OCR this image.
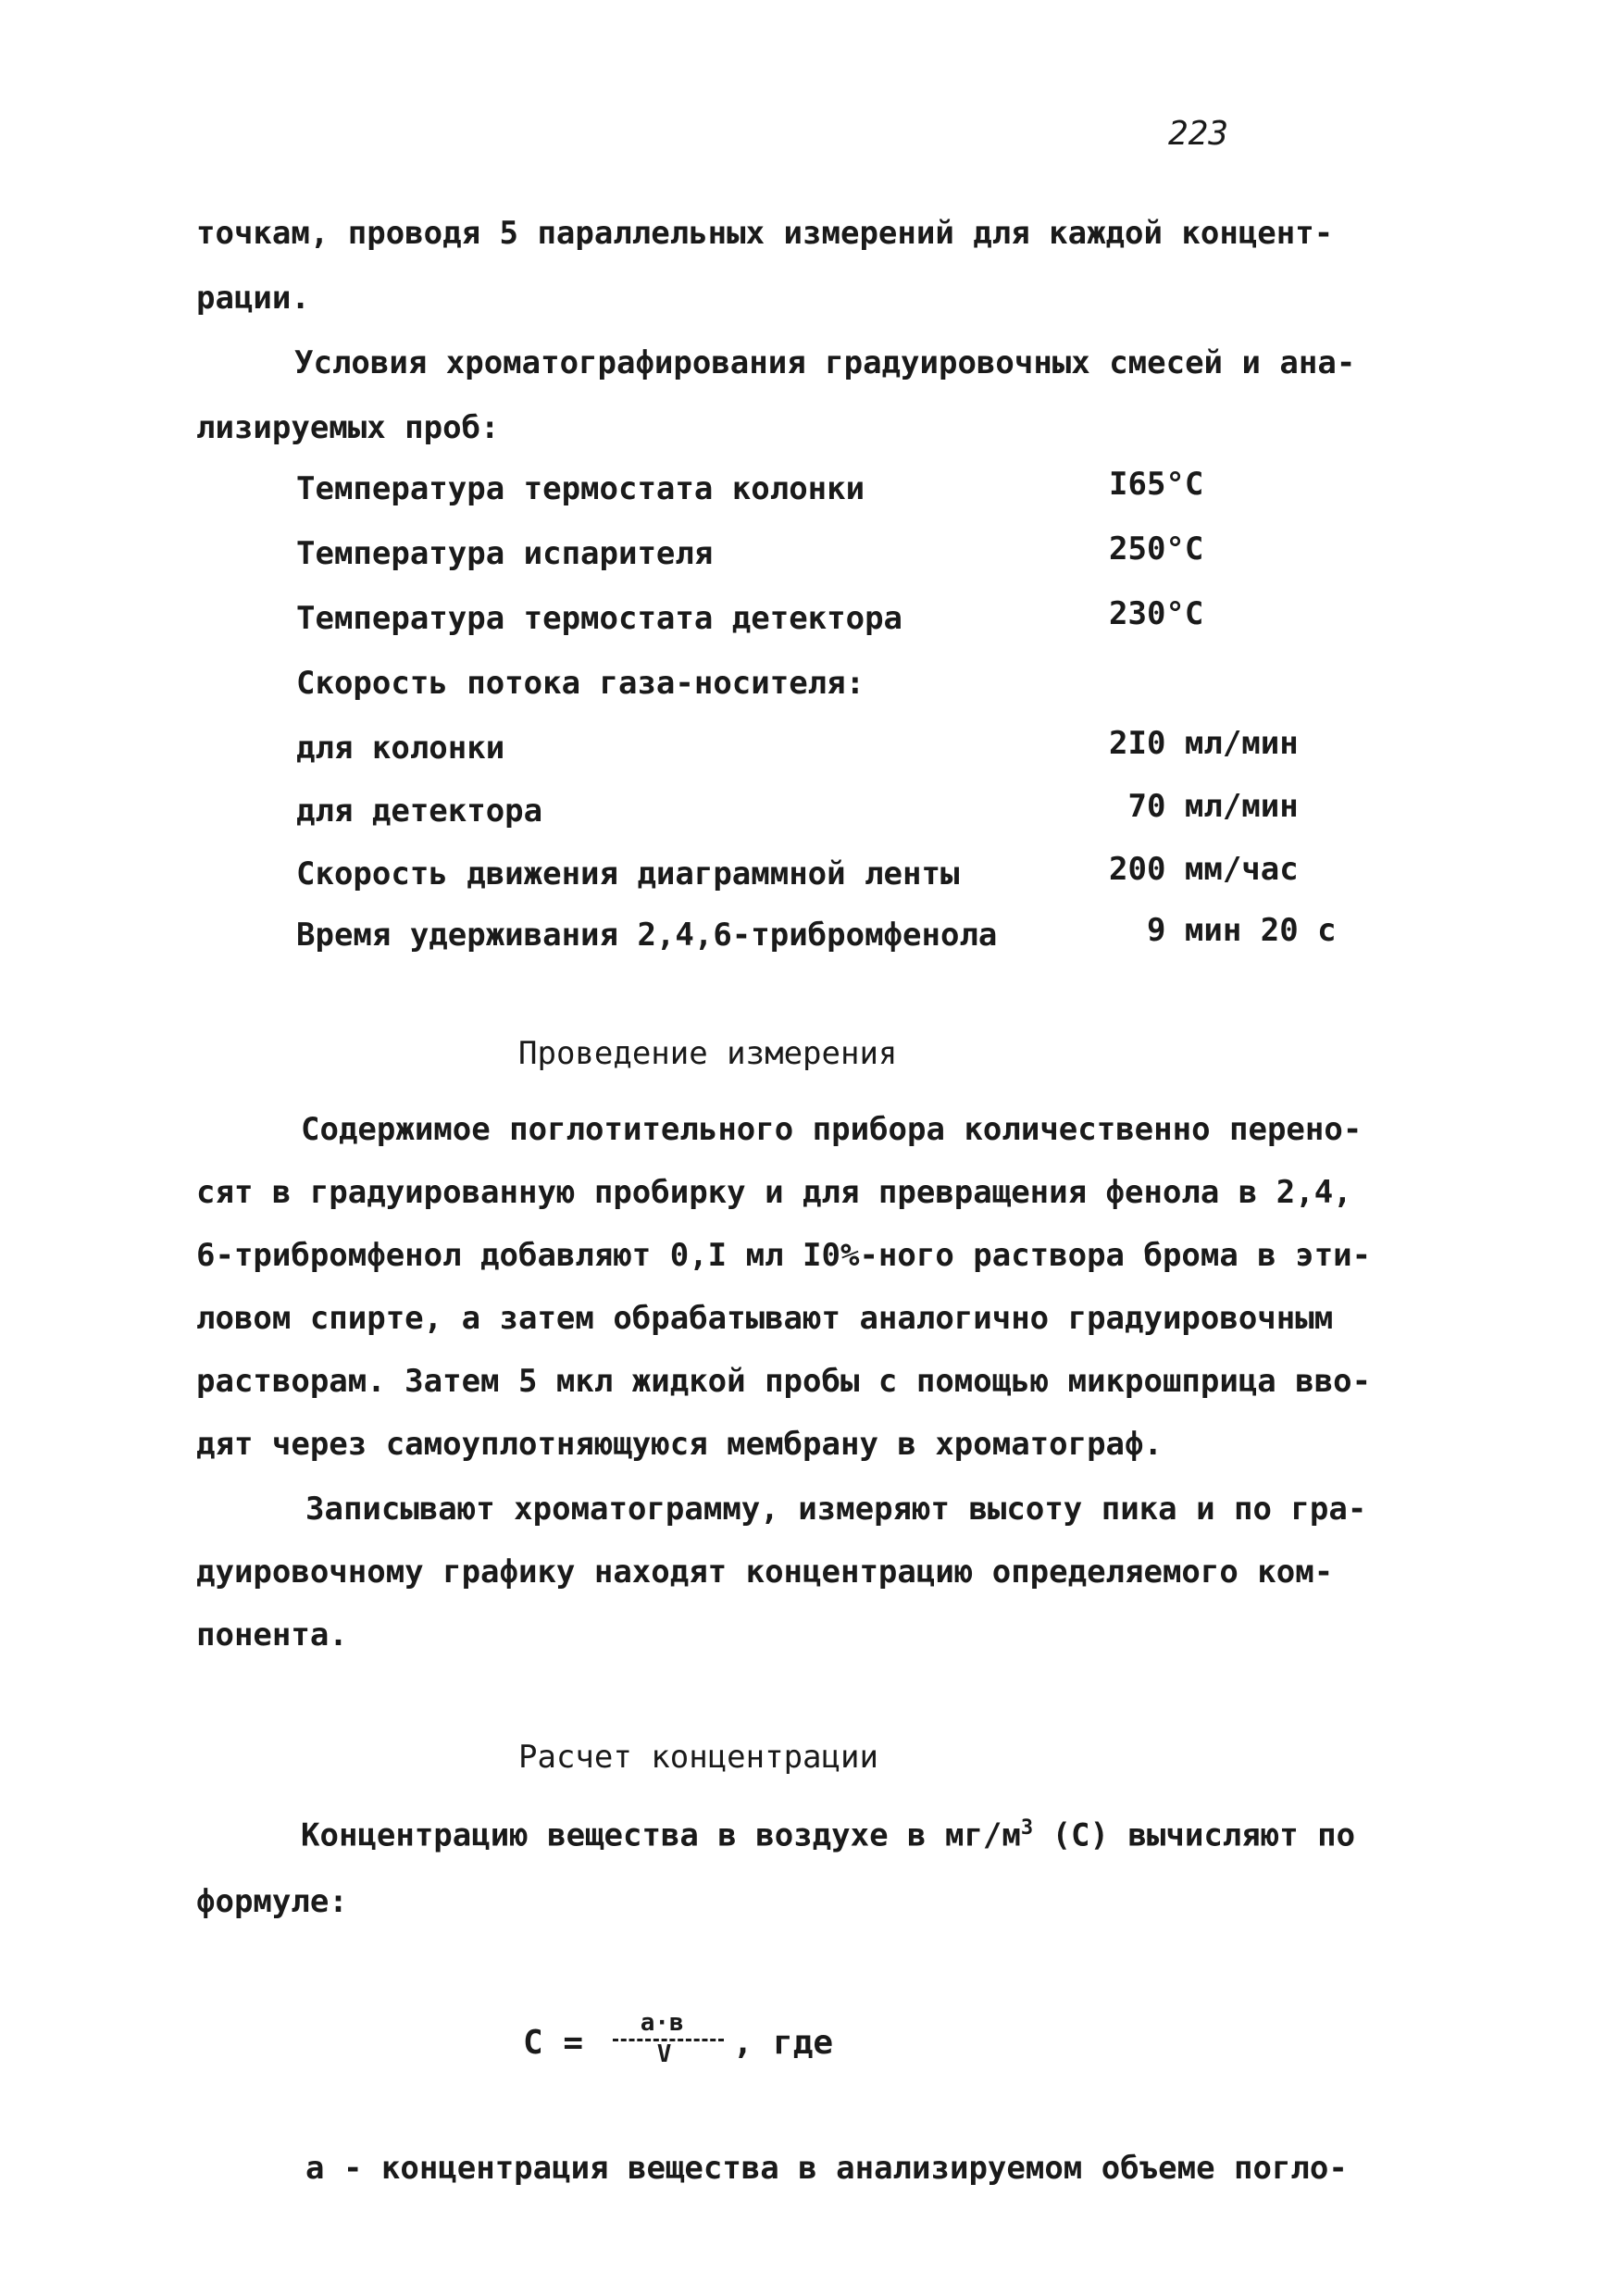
223
точкам, проводя 5 параллельных измерений для каждой концент-
рации.
Условия хроматографирования градуировочных смесей и ана-
лизируемых проб:
Температура термостата колонки	I65°C
Температура испарителя	250°C
Температура термостата детектора	230°C
Скорость потока газа-носителя:
для колонки	2I0 мл/мин
для детектора	70 мл/мин
Скорость движения диаграммной ленты	200 мм/час
Время удерживания 2,4,6-трибромфенола	9 мин 20 с
Проведение измерения
Содержимое поглотительного прибора количественно перено-
сят в градуированную пробирку и для превращения фенола в 2,4,
6-трибромфенол добавляют 0,I мл I0%-ного раствора брома в эти-
ловом спирте, а затем обрабатывают аналогично градуировочным
растворам. Затем 5 мкл жидкой пробы с помощью микрошприца вво-
дят через самоуплотняющуюся мембрану в хроматограф.
Записывают хроматограмму, измеряют высоту пика и по гра-
дуировочному графику находят концентрацию определяемого ком-
понента.
Расчет концентрации
Концентрацию вещества в воздухе в $мг/м^3$ (С) вычисляют по
формуле:
$С = \frac{а\cdot в}{V}$ , где
а - концентрация вещества в анализируемом объеме погло-
